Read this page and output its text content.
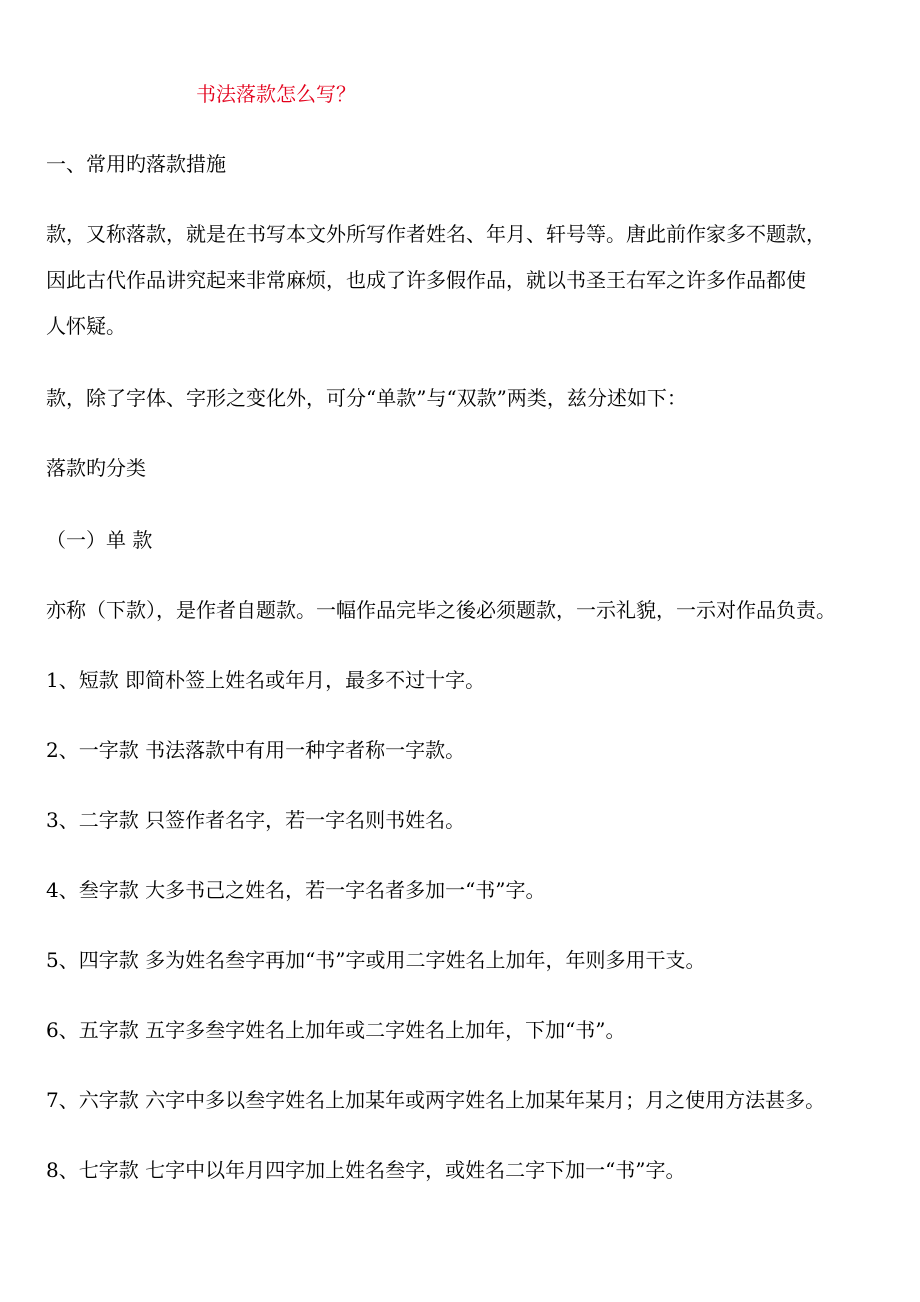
书法落款怎么写？
一、常用旳落款措施
款，又称落款，就是在书写本文外所写作者姓名、年月、轩号等。唐此前作家多不题款，
因此古代作品讲究起来非常麻烦，也成了许多假作品，就以书圣王右军之许多作品都使
人怀疑。
款，除了字体、字形之变化外，可分“单款”与“双款”两类，兹分述如下：
落款旳分类
（一）单 款
亦称（下款），是作者自题款。一幅作品完毕之後必须题款，一示礼貌，一示对作品负责。
1、短款 即简朴签上姓名或年月，最多不过十字。
2、一字款 书法落款中有用一种字者称一字款。
3、二字款 只签作者名字，若一字名则书姓名。
4、叁字款 大多书己之姓名，若一字名者多加一“书”字。
5、四字款 多为姓名叁字再加“书”字或用二字姓名上加年，年则多用干支。
6、五字款 五字多叁字姓名上加年或二字姓名上加年，下加“书”。
7、六字款 六字中多以叁字姓名上加某年或两字姓名上加某年某月；月之使用方法甚多。
8、七字款 七字中以年月四字加上姓名叁字，或姓名二字下加一“书”字。
